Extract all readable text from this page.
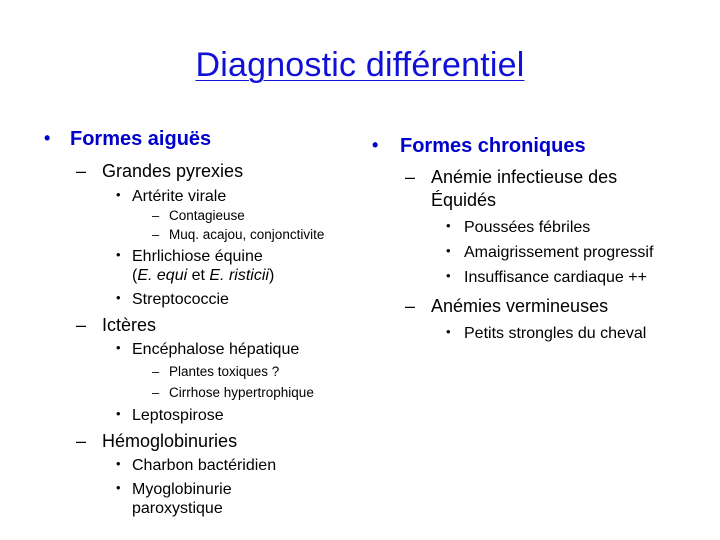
Diagnostic différentiel
• Formes aiguës
– Grandes pyrexies
• Artérite virale
– Contagieuse
– Muq. acajou, conjonctivite
• Ehrlichiose équine
(E. equi et E. risticii)
• Streptococcie
– Ictères
• Encéphalose hépatique
– Plantes toxiques ?
– Cirrhose hypertrophique
• Leptospirose
– Hémoglobinuries
• Charbon bactéridien
• Myoglobinurie
paroxystique
• Formes chroniques
– Anémie infectieuse des
Équidés
• Poussées fébriles
• Amaigrissement progressif
• Insuffisance cardiaque ++
– Anémies vermineuses
• Petits strongles du cheval
